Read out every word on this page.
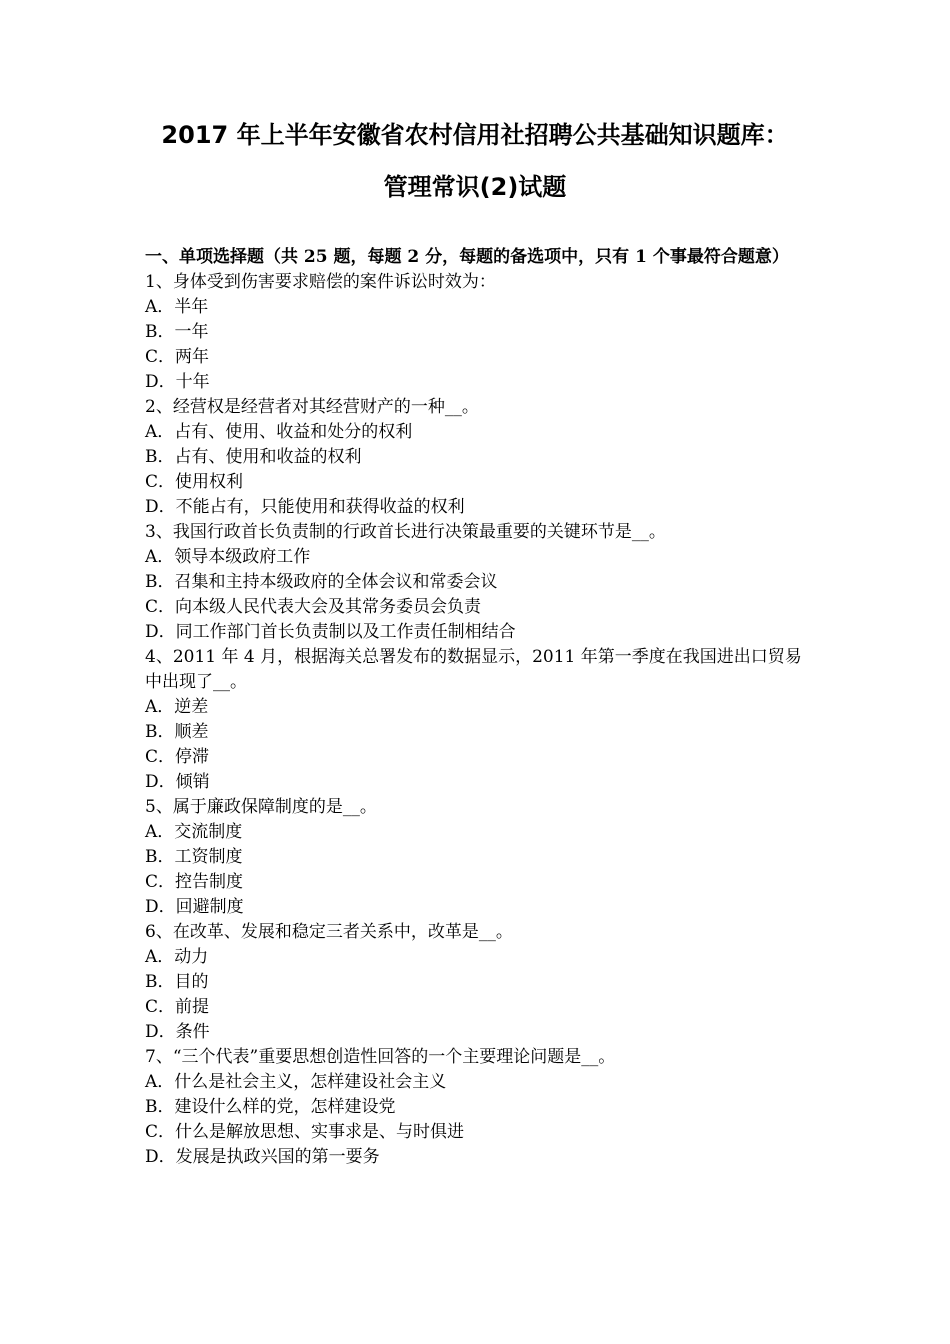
2017 年上半年安徽省农村信用社招聘公共基础知识题库：
管理常识(2)试题
一、单项选择题（共 25 题，每题 2 分，每题的备选项中，只有 1 个事最符合题意）
1、身体受到伤害要求赔偿的案件诉讼时效为：
A．半年
B．一年
C．两年
D．十年
2、经营权是经营者对其经营财产的一种__。
A．占有、使用、收益和处分的权利
B．占有、使用和收益的权利
C．使用权利
D．不能占有，只能使用和获得收益的权利
3、我国行政首长负责制的行政首长进行决策最重要的关键环节是__。
A．领导本级政府工作
B．召集和主持本级政府的全体会议和常委会议
C．向本级人民代表大会及其常务委员会负责
D．同工作部门首长负责制以及工作责任制相结合
4、2011 年 4 月，根据海关总署发布的数据显示，2011 年第一季度在我国进出口贸易中出现了__。
A．逆差
B．顺差
C．停滞
D．倾销
5、属于廉政保障制度的是__。
A．交流制度
B．工资制度
C．控告制度
D．回避制度
6、在改革、发展和稳定三者关系中，改革是__。
A．动力
B．目的
C．前提
D．条件
7、“三个代表”重要思想创造性回答的一个主要理论问题是__。
A．什么是社会主义，怎样建设社会主义
B．建设什么样的党，怎样建设党
C．什么是解放思想、实事求是、与时俱进
D．发展是执政兴国的第一要务
